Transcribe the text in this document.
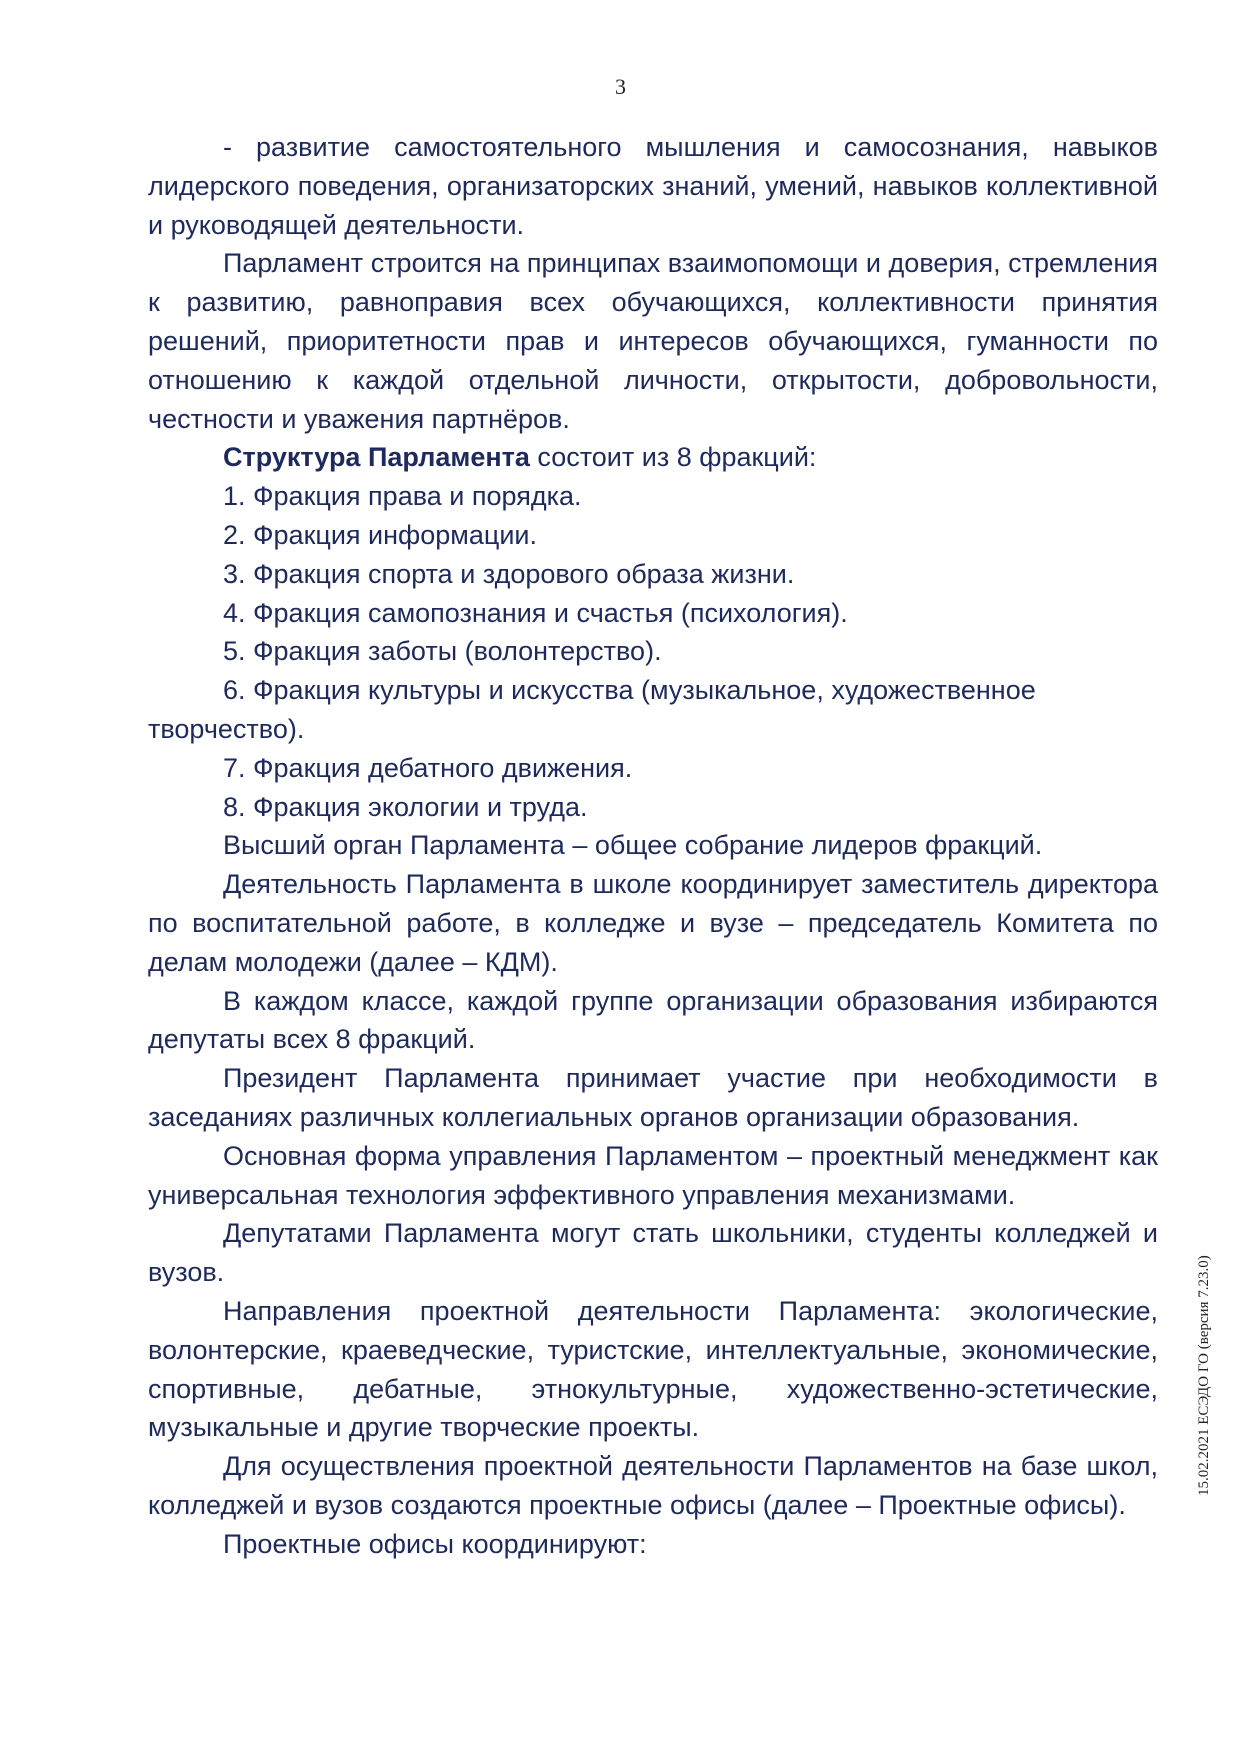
3

- развитие самостоятельного мышления и самосознания, навыков лидерского поведения, организаторских знаний, умений, навыков коллективной и руководящей деятельности.

Парламент строится на принципах взаимопомощи и доверия, стремления к развитию, равноправия всех обучающихся, коллективности принятия решений, приоритетности прав и интересов обучающихся, гуманности по отношению к каждой отдельной личности, открытости, добровольности, честности и уважения партнёров.

Структура Парламента состоит из 8 фракций:

1. Фракция права и порядка.

2. Фракция информации.

3. Фракция спорта и здорового образа жизни.

4. Фракция самопознания и счастья (психология).

5. Фракция заботы (волонтерство).

6. Фракция культуры и искусства (музыкальное, художественное творчество).

7. Фракция дебатного движения.

8. Фракция экологии и труда.

Высший орган Парламента – общее собрание лидеров фракций.

Деятельность Парламента в школе координирует заместитель директора по воспитательной работе, в колледже и вузе – председатель Комитета по делам молодежи (далее – КДМ).

В каждом классе, каждой группе организации образования избираются депутаты всех 8 фракций.

Президент Парламента принимает участие при необходимости в заседаниях различных коллегиальных органов организации образования.

Основная форма управления Парламентом – проектный менеджмент как универсальная технология эффективного управления механизмами.

Депутатами Парламента могут стать школьники, студенты колледжей и вузов.

Направления проектной деятельности Парламента: экологические, волонтерские, краеведческие, туристские, интеллектуальные, экономические, спортивные, дебатные, этнокультурные, художественно-эстетические, музыкальные и другие творческие проекты.

Для осуществления проектной деятельности Парламентов на базе школ, колледжей и вузов создаются проектные офисы (далее – Проектные офисы).

Проектные офисы координируют:

15.02.2021 ЕСЭДО ГО (версия 7.23.0)
